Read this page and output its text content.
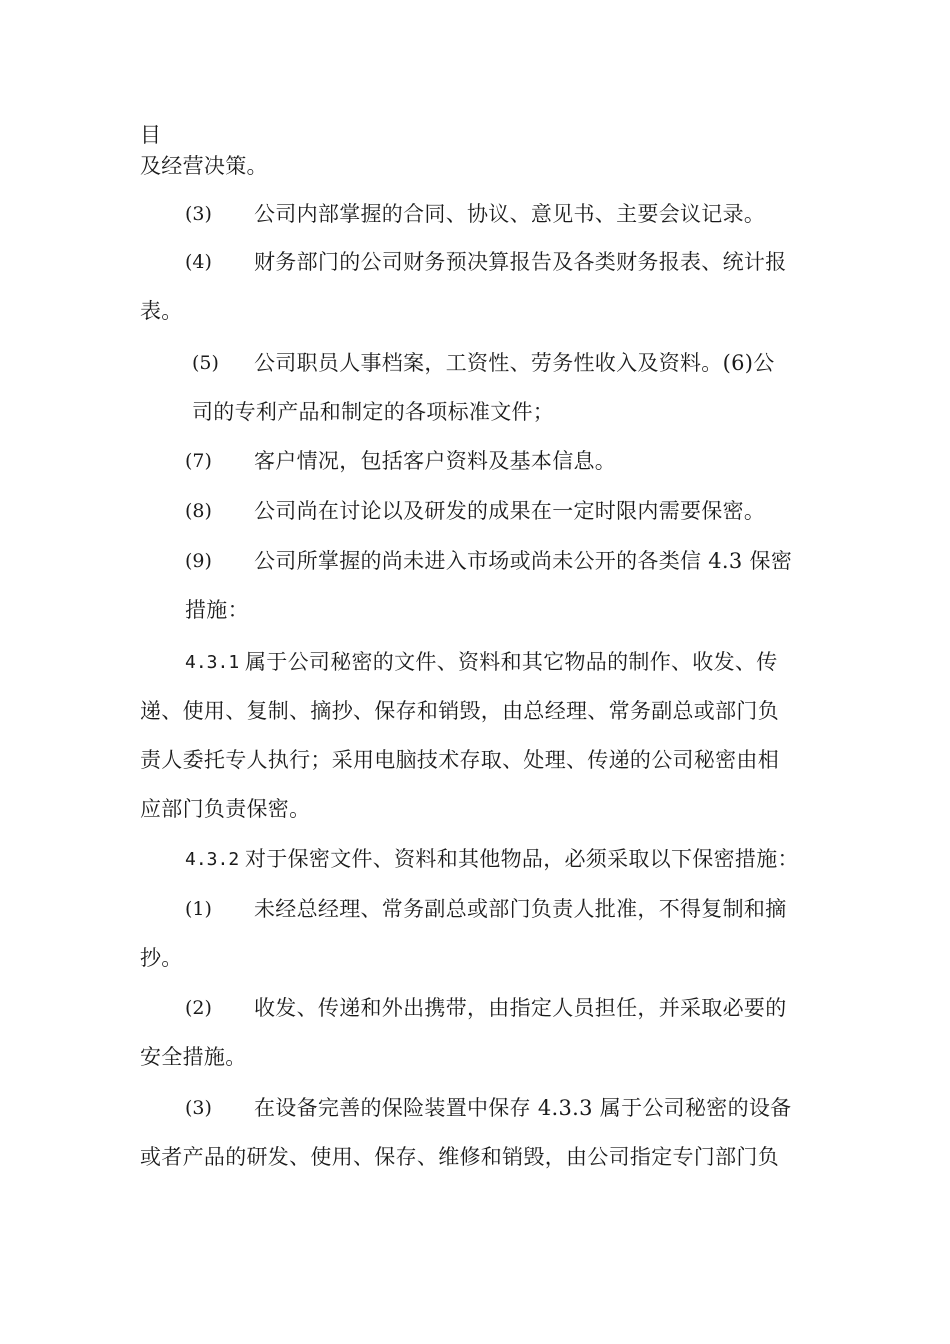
目
及经营决策。
(3) 公司内部掌握的合同、协议、意见书、主要会议记录。
(4) 财务部门的公司财务预决算报告及各类财务报表、统计报
表。
(5) 公司职员人事档案，工资性、劳务性收入及资料。(6)公
司的专利产品和制定的各项标准文件；
(7) 客户情况，包括客户资料及基本信息。
(8) 公司尚在讨论以及研发的成果在一定时限内需要保密。
(9) 公司所掌握的尚未进入市场或尚未公开的各类信 4.3 保密
措施：
4.3.1 属于公司秘密的文件、资料和其它物品的制作、收发、传
递、使用、复制、摘抄、保存和销毁，由总经理、常务副总或部门负
责人委托专人执行；采用电脑技术存取、处理、传递的公司秘密由相
应部门负责保密。
4.3.2 对于保密文件、资料和其他物品，必须采取以下保密措施：
(1) 未经总经理、常务副总或部门负责人批准，不得复制和摘
抄。
(2) 收发、传递和外出携带，由指定人员担任，并采取必要的
安全措施。
(3) 在设备完善的保险装置中保存 4.3.3 属于公司秘密的设备
或者产品的研发、使用、保存、维修和销毁，由公司指定专门部门负
